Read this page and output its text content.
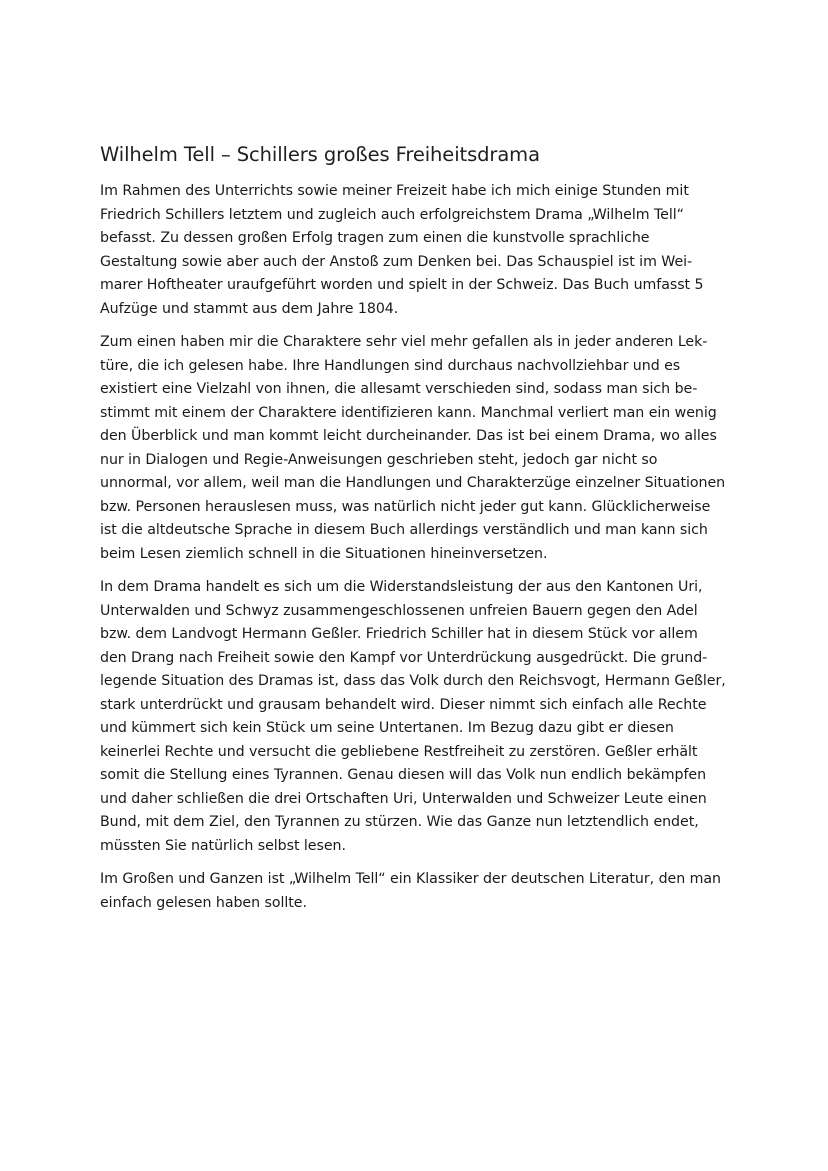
Wilhelm Tell – Schillers großes Freiheitsdrama

Im Rahmen des Unterrichts sowie meiner Freizeit habe ich mich einige Stunden mit Friedrich Schillers letztem und zugleich auch erfolgreichstem Drama „Wilhelm Tell“ befasst. Zu dessen großen Erfolg tragen zum einen die kunstvolle sprachliche Gestaltung sowie aber auch der Anstoß zum Denken bei. Das Schauspiel ist im Weimarer Hoftheater uraufgeführt worden und spielt in der Schweiz. Das Buch umfasst 5 Aufzüge und stammt aus dem Jahre 1804.

Zum einen haben mir die Charaktere sehr viel mehr gefallen als in jeder anderen Lektüre, die ich gelesen habe. Ihre Handlungen sind durchaus nachvollziehbar und es existiert eine Vielzahl von ihnen, die allesamt verschieden sind, sodass man sich bestimmt mit einem der Charaktere identifizieren kann. Manchmal verliert man ein wenig den Überblick und man kommt leicht durcheinander. Das ist bei einem Drama, wo alles nur in Dialogen und Regie-Anweisungen geschrieben steht, jedoch gar nicht so unnormal, vor allem, weil man die Handlungen und Charakterzüge einzelner Situationen bzw. Personen herauslesen muss, was natürlich nicht jeder gut kann. Glücklicherweise ist die altdeutsche Sprache in diesem Buch allerdings verständlich und man kann sich beim Lesen ziemlich schnell in die Situationen hineinversetzen.

In dem Drama handelt es sich um die Widerstandsleistung der aus den Kantonen Uri, Unterwalden und Schwyz zusammengeschlossenen unfreien Bauern gegen den Adel bzw. dem Landvogt Hermann Geßler. Friedrich Schiller hat in diesem Stück vor allem den Drang nach Freiheit sowie den Kampf vor Unterdrückung ausgedrückt. Die grundlegende Situation des Dramas ist, dass das Volk durch den Reichsvogt, Hermann Geßler, stark unterdrückt und grausam behandelt wird. Dieser nimmt sich einfach alle Rechte und kümmert sich kein Stück um seine Untertanen. Im Bezug dazu gibt er diesen keinerlei Rechte und versucht die gebliebene Restfreiheit zu zerstören. Geßler erhält somit die Stellung eines Tyrannen. Genau diesen will das Volk nun endlich bekämpfen und daher schließen die drei Ortschaften Uri, Unterwalden und Schweizer Leute einen Bund, mit dem Ziel, den Tyrannen zu stürzen. Wie das Ganze nun letztendlich endet, müssten Sie natürlich selbst lesen.

Im Großen und Ganzen ist „Wilhelm Tell“ ein Klassiker der deutschen Literatur, den man einfach gelesen haben sollte.
